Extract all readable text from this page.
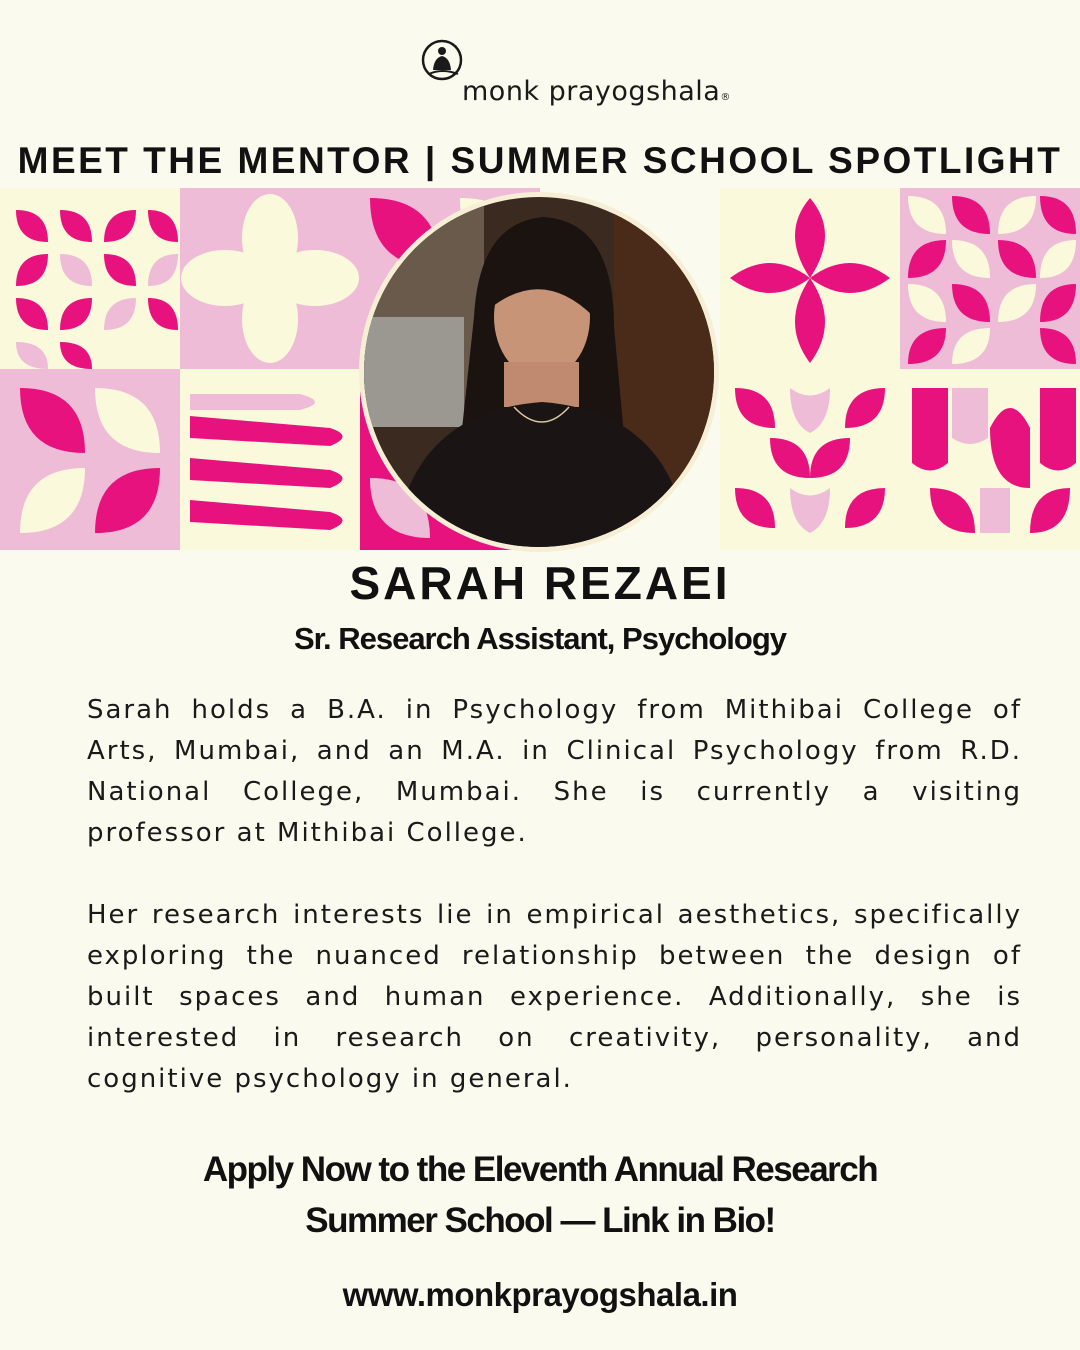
monk prayogshala®
MEET THE MENTOR | SUMMER SCHOOL SPOTLIGHT
SARAH REZAEI
Sr. Research Assistant, Psychology

Sarah holds a B.A. in Psychology from Mithibai College of Arts, Mumbai, and an M.A. in Clinical Psychology from R.D. National College, Mumbai. She is currently a visiting professor at Mithibai College.

Her research interests lie in empirical aesthetics, specifically exploring the nuanced relationship between the design of built spaces and human experience. Additionally, she is interested in research on creativity, personality, and cognitive psychology in general.

Apply Now to the Eleventh Annual Research
Summer School — Link in Bio!
www.monkprayogshala.in
